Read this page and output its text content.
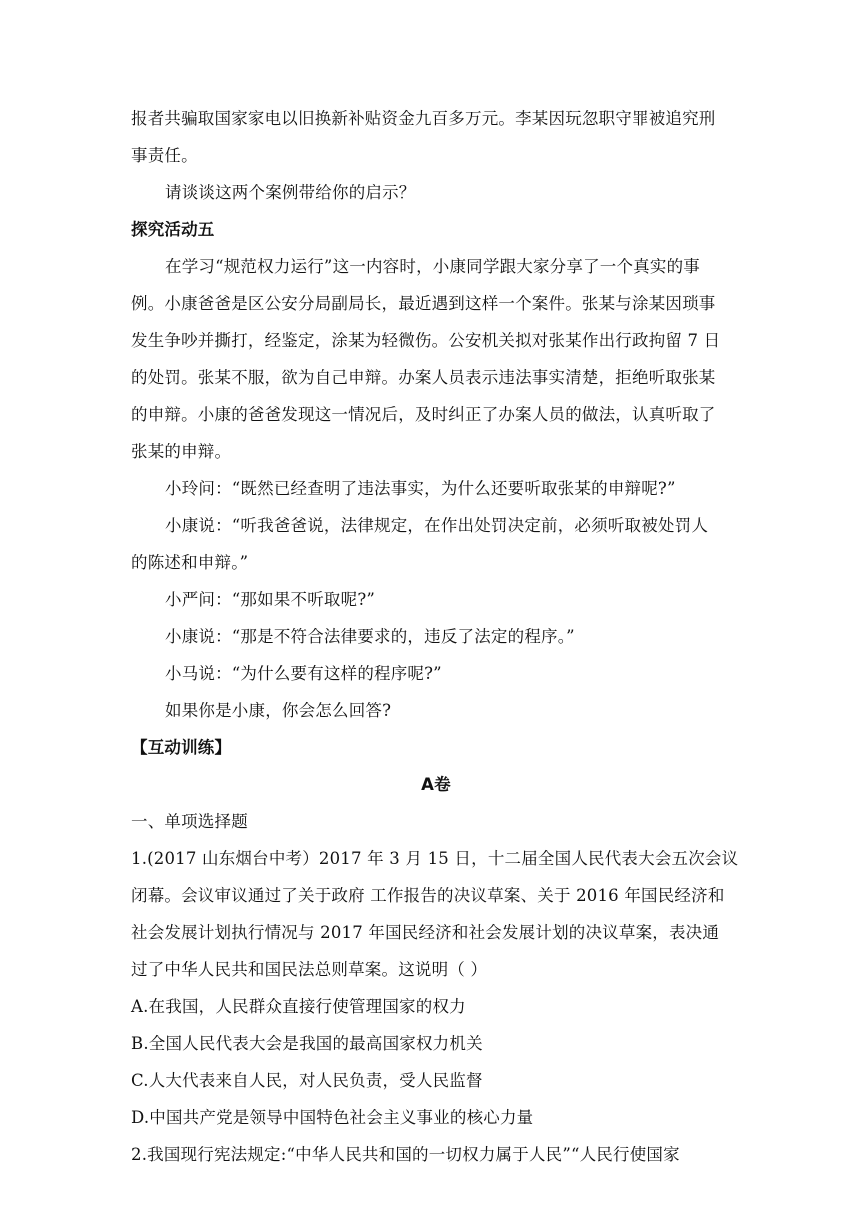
报者共骗取国家家电以旧换新补贴资金九百多万元。李某因玩忽职守罪被追究刑
事责任。
请谈谈这两个案例带给你的启示？
探究活动五
在学习“规范权力运行”这一内容时，小康同学跟大家分享了一个真实的事
例。小康爸爸是区公安分局副局长，最近遇到这样一个案件。张某与涂某因琐事
发生争吵并撕打，经鉴定，涂某为轻微伤。公安机关拟对张某作出行政拘留 7 日
的处罚。张某不服，欲为自己申辩。办案人员表示违法事实清楚，拒绝听取张某
的申辩。小康的爸爸发现这一情况后，及时纠正了办案人员的做法，认真听取了
张某的申辩。
小玲问：“既然已经查明了违法事实，为什么还要听取张某的申辩呢?”
小康说：“听我爸爸说，法律规定，在作出处罚决定前，必须听取被处罚人
的陈述和申辩。”
小严问：“那如果不听取呢?”
小康说：“那是不符合法律要求的，违反了法定的程序。”
小马说：“为什么要有这样的程序呢?”
如果你是小康，你会怎么回答?
【互动训练】
A卷
一、单项选择题
1.(2017 山东烟台中考）2017 年 3 月 15 日，十二届全国人民代表大会五次会议
闭幕。会议审议通过了关于政府 工作报告的决议草案、关于 2016 年国民经济和
社会发展计划执行情况与 2017 年国民经济和社会发展计划的决议草案，表决通
过了中华人民共和国民法总则草案。这说明（ ）
A.在我国，人民群众直接行使管理国家的权力
B.全国人民代表大会是我国的最高国家权力机关
C.人大代表来自人民，对人民负责，受人民监督
D.中国共产党是领导中国特色社会主义事业的核心力量
2.我国现行宪法规定:“中华人民共和国的一切权力属于人民”“人民行使国家
